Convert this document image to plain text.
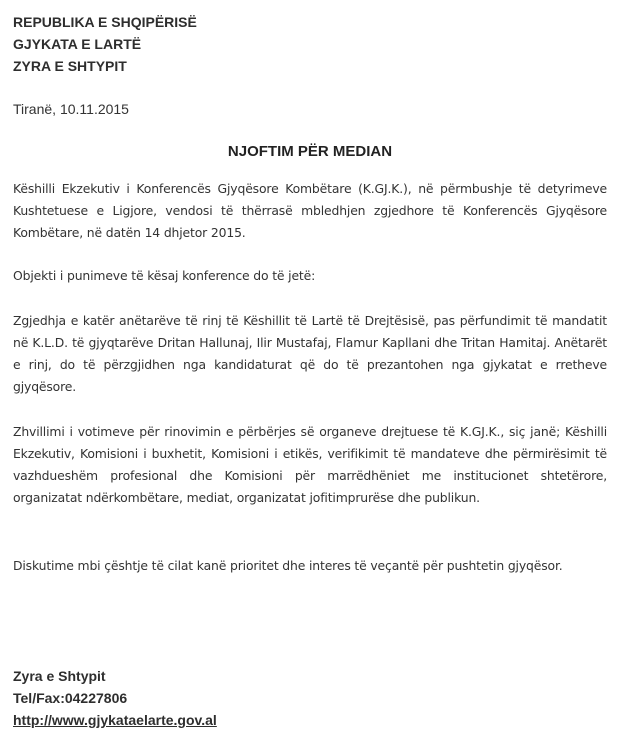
REPUBLIKA E SHQIPËRISË
GJYKATA E LARTË
ZYRA E SHTYPIT
Tiranë, 10.11.2015
NJOFTIM PËR MEDIAN

Këshilli Ekzekutiv i Konferencës Gjyqësore Kombëtare (K.GJ.K.), në përmbushje të detyrimeve Kushtetuese e Ligjore, vendosi të thërrasë mbledhjen zgjedhore të Konferencës Gjyqësore Kombëtare, në datën 14 dhjetor 2015.

Objekti i punimeve të kësaj konference do të jetë:

Zgjedhja e katër anëtarëve të rinj të Këshillit të Lartë të Drejtësisë, pas përfundimit të mandatit në K.L.D. të gjyqtarëve Dritan Hallunaj, Ilir Mustafaj, Flamur Kapllani dhe Tritan Hamitaj. Anëtarët e rinj, do të përzgjidhen nga kandidaturat që do të prezantohen nga gjykatat e rretheve gjyqësore.

Zhvillimi i votimeve për rinovimin e përbërjes së organeve drejtuese të K.GJ.K., siç janë; Këshilli Ekzekutiv, Komisioni i buxhetit, Komisioni i etikës, verifikimit të mandateve dhe përmirësimit të vazhdueshëm profesional dhe Komisioni për marrëdhëniet me institucionet shtetërore, organizatat ndërkombëtare, mediat, organizatat jofitimprurëse dhe publikun.

Diskutime mbi çështje të cilat kanë prioritet dhe interes të veçantë për pushtetin gjyqësor.

Zyra e Shtypit
Tel/Fax:04227806
http://www.gjykataelarte.gov.al
